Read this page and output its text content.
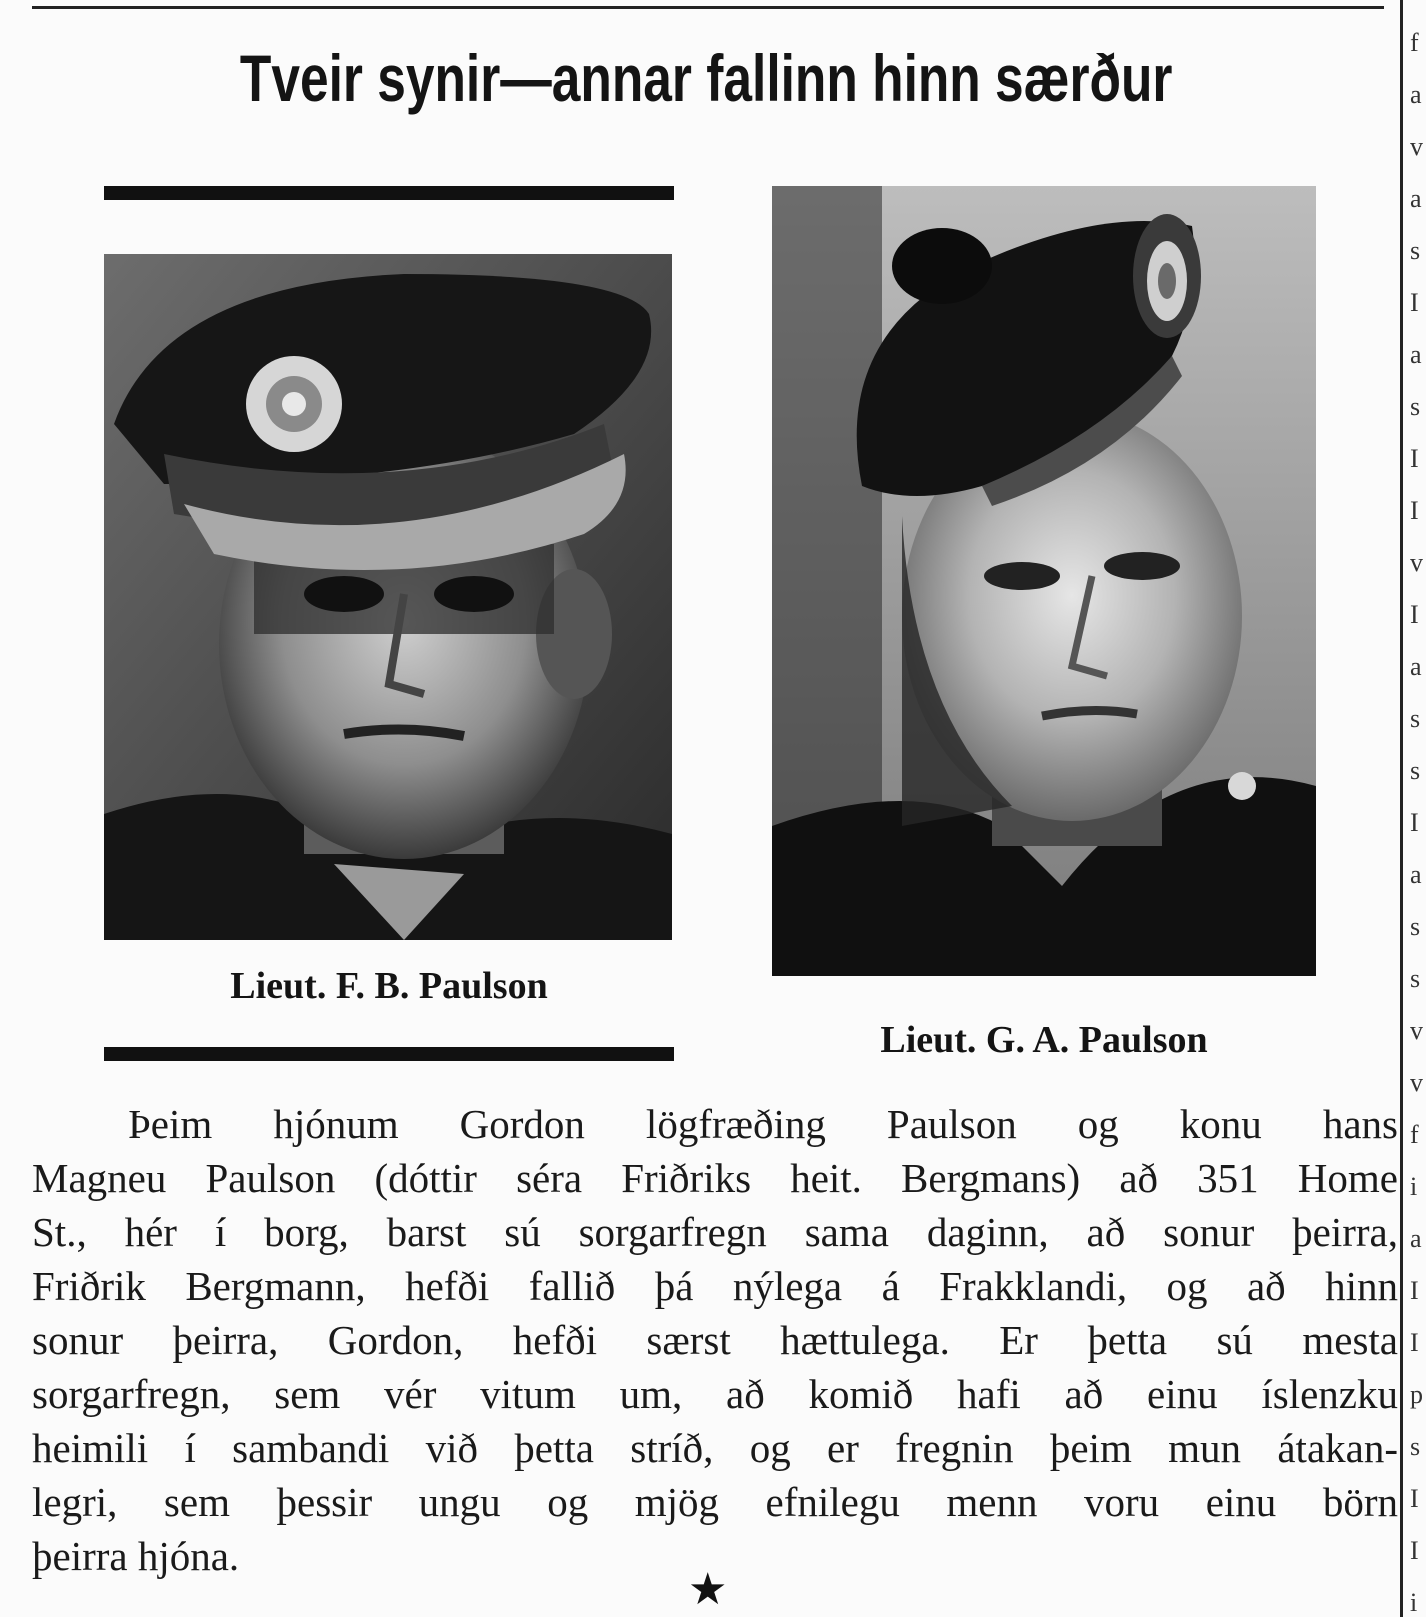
f
a
v
a
s
I
a
s
I
I
v
I
a
s
s
I
a
s
s
v
v
f
i
a
I
I
p
s
I
I
i
Tveir synir—annar fallinn hinn særður
Lieut. F. B. Paulson
Lieut. G. A. Paulson
Þeim hjónum Gordon lögfræðing Paulson og konu hans
Magneu Paulson (dóttir séra Friðriks heit. Bergmans) að 351 Home
St., hér í borg, barst sú sorgarfregn sama daginn, að sonur þeirra,
Friðrik Bergmann, hefði fallið þá nýlega á Frakklandi, og að hinn
sonur þeirra, Gordon, hefði særst hættulega. Er þetta sú mesta
sorgarfregn, sem vér vitum um, að komið hafi að einu íslenzku
heimili í sambandi við þetta stríð, og er fregnin þeim mun átakan-
legri, sem þessir ungu og mjög efnilegu menn voru einu börn
þeirra hjóna.
★
